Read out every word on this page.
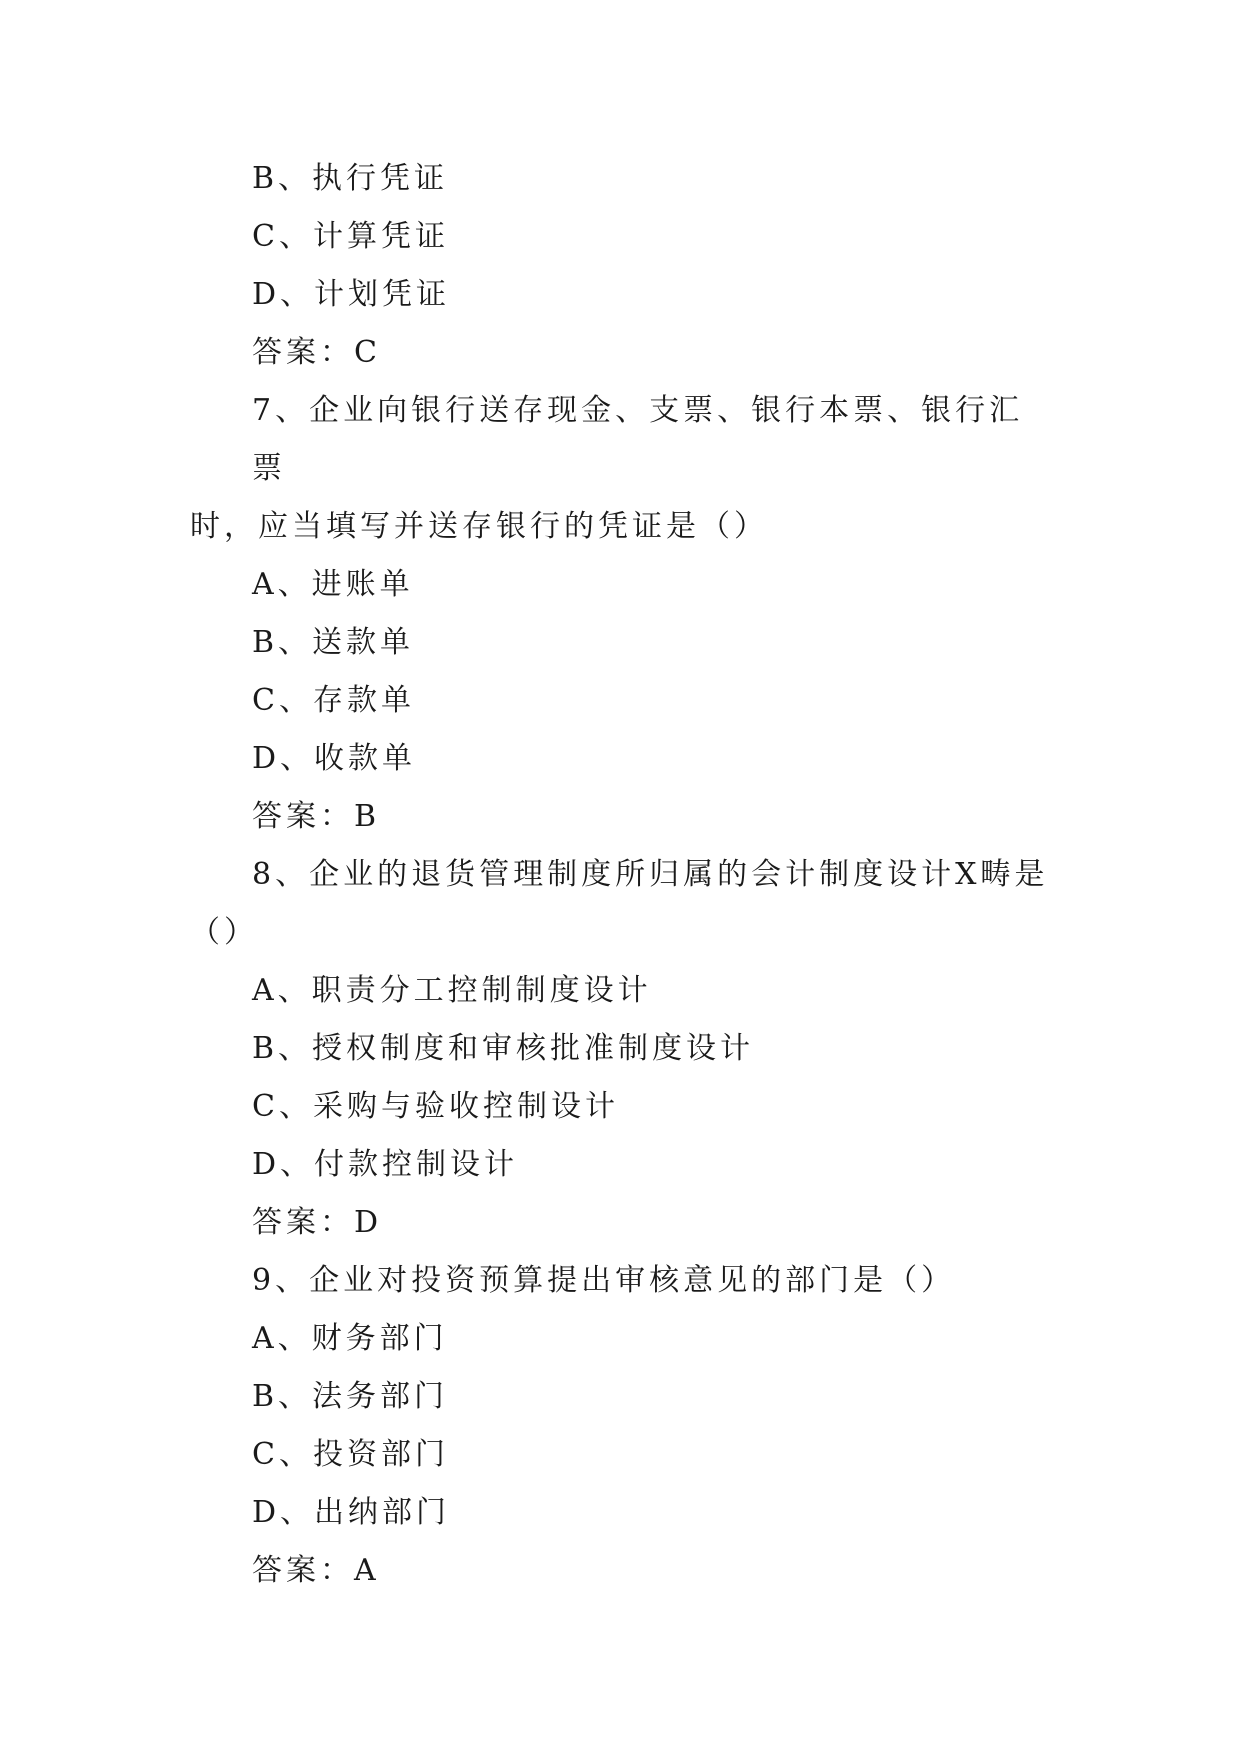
B、执行凭证

C、计算凭证

D、计划凭证

答案：C

7、企业向银行送存现金、支票、银行本票、银行汇票

时，应当填写并送存银行的凭证是（）

A、进账单

B、送款单

C、存款单

D、收款单

答案：B

8、企业的退货管理制度所归属的会计制度设计X畴是

（）

A、职责分工控制制度设计

B、授权制度和审核批准制度设计

C、采购与验收控制设计

D、付款控制设计

答案：D

9、企业对投资预算提出审核意见的部门是（）

A、财务部门

B、法务部门

C、投资部门

D、出纳部门

答案：A
